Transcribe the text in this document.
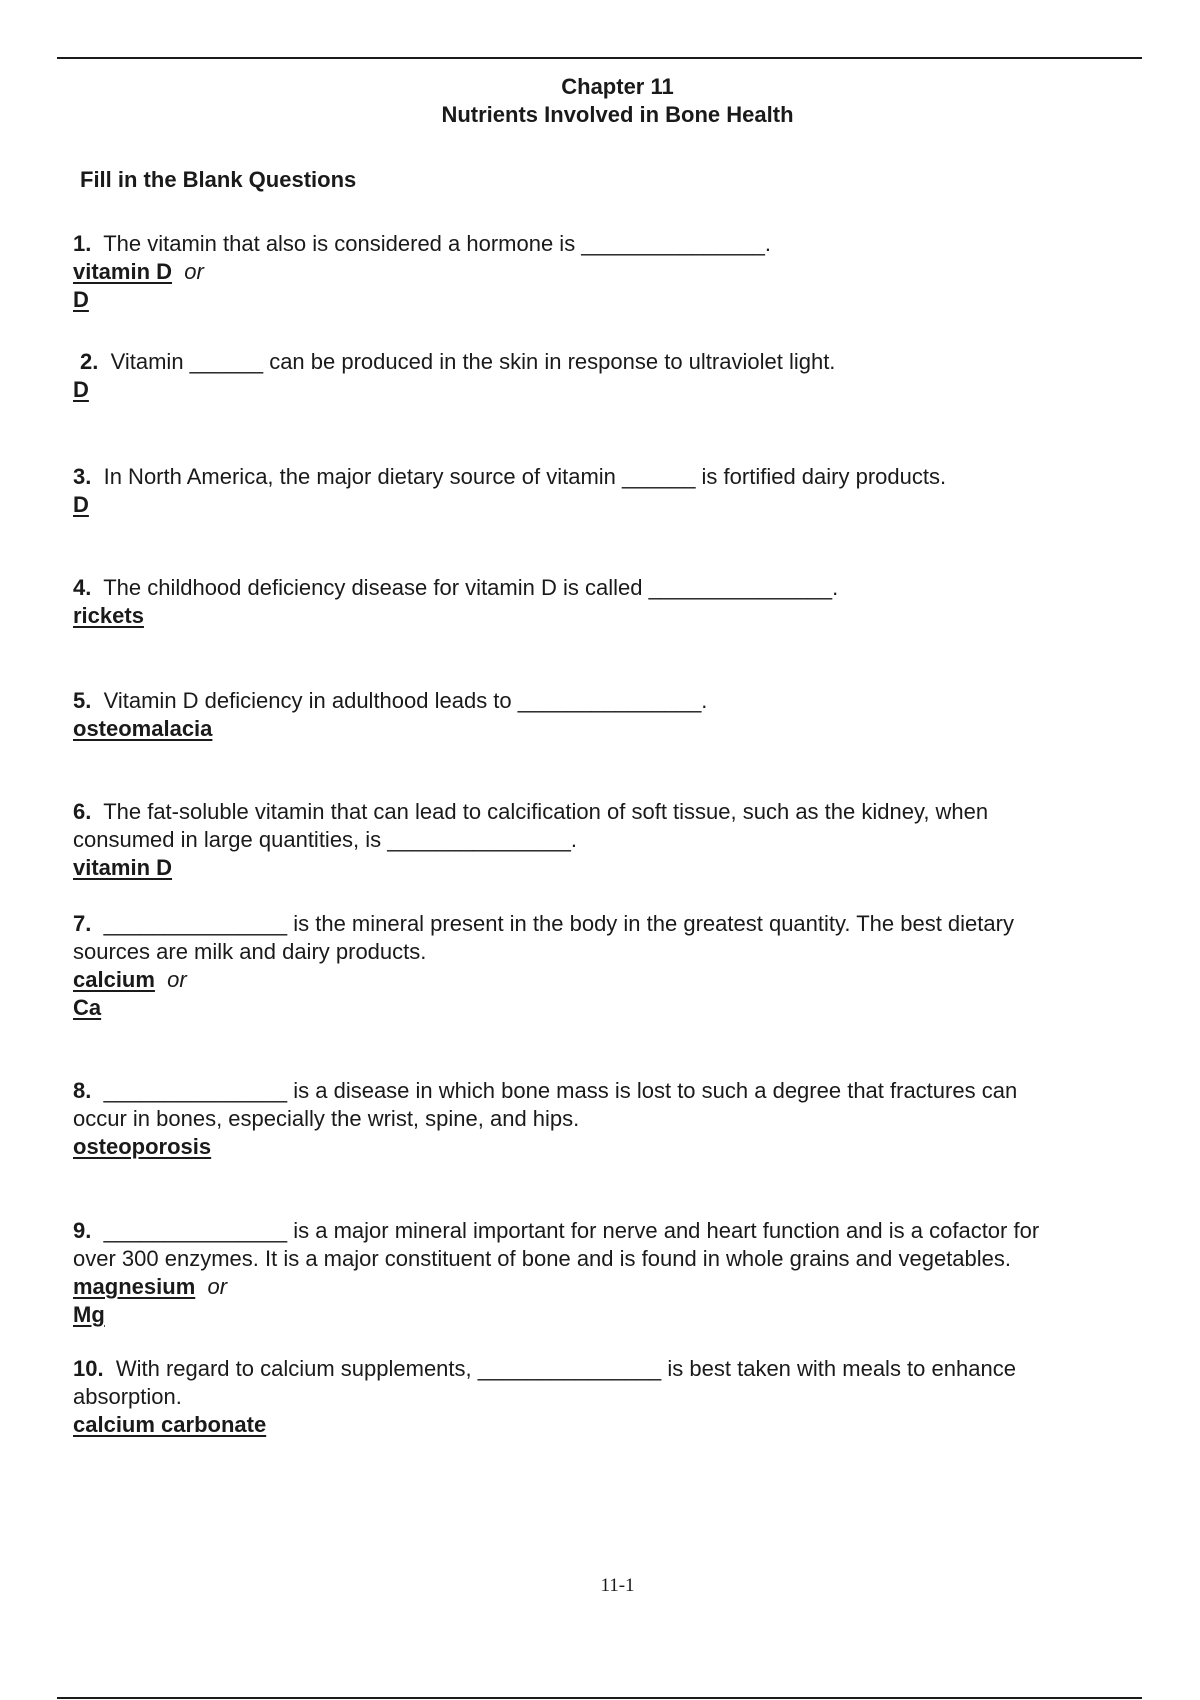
Chapter 11
Nutrients Involved in Bone Health
Fill in the Blank Questions
1. The vitamin that also is considered a hormone is _______________.
vitamin D or
D
2. Vitamin ______ can be produced in the skin in response to ultraviolet light.
D
3. In North America, the major dietary source of vitamin ______ is fortified dairy products.
D
4. The childhood deficiency disease for vitamin D is called _______________.
rickets
5. Vitamin D deficiency in adulthood leads to _______________.
osteomalacia
6. The fat-soluble vitamin that can lead to calcification of soft tissue, such as the kidney, when
consumed in large quantities, is _______________.
vitamin D
7. _______________ is the mineral present in the body in the greatest quantity. The best dietary
sources are milk and dairy products.
calcium or
Ca
8. _______________ is a disease in which bone mass is lost to such a degree that fractures can
occur in bones, especially the wrist, spine, and hips.
osteoporosis
9. _______________ is a major mineral important for nerve and heart function and is a cofactor for
over 300 enzymes. It is a major constituent of bone and is found in whole grains and vegetables.
magnesium or
Mg
10. With regard to calcium supplements, _______________ is best taken with meals to enhance
absorption.
calcium carbonate
11-1
